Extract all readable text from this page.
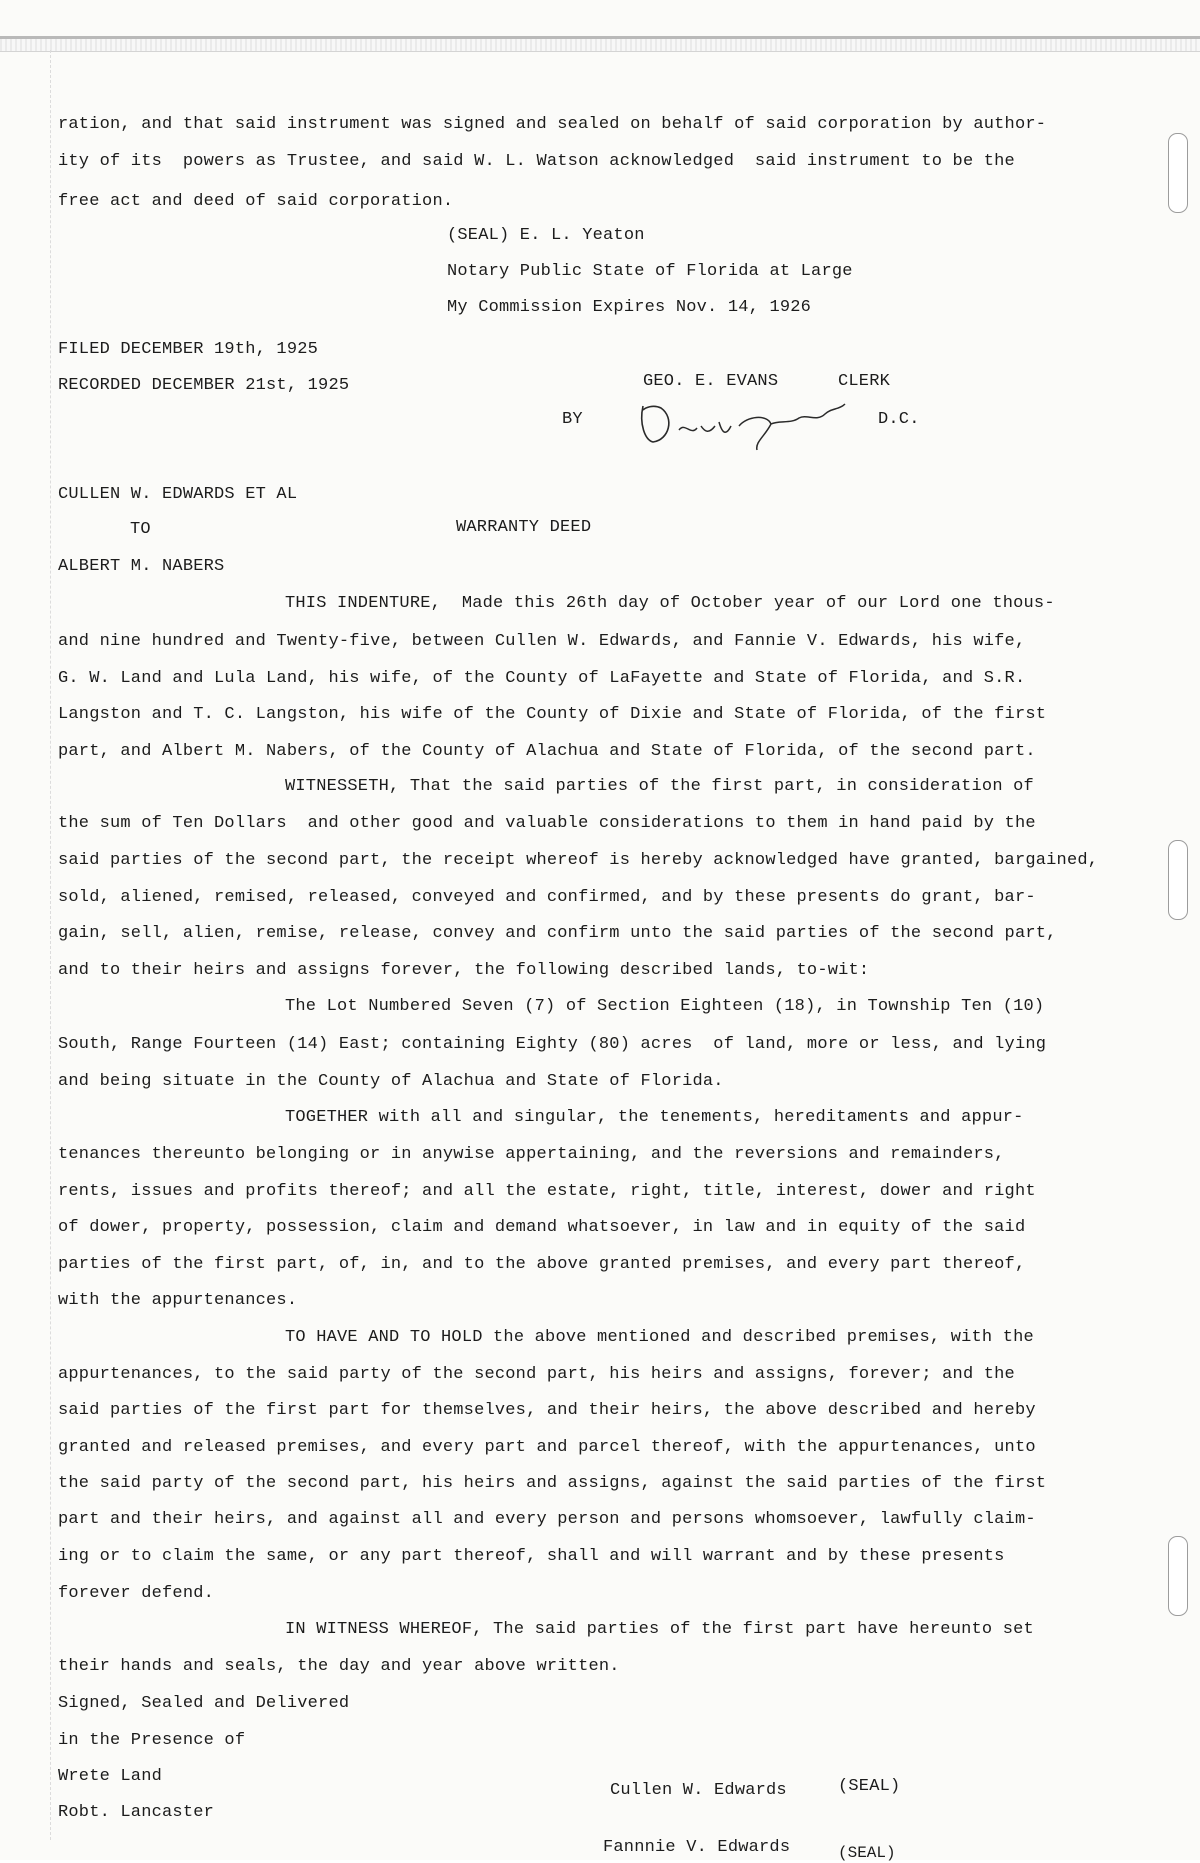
ration, and that said instrument was signed and sealed on behalf of said corporation by author-
ity of its  powers as Trustee, and said W. L. Watson acknowledged  said instrument to be the
free act and deed of said corporation.
(SEAL) E. L. Yeaton
Notary Public State of Florida at Large
My Commission Expires Nov. 14, 1926
FILED DECEMBER 19th, 1925
RECORDED DECEMBER 21st, 1925	GEO. E. EVANS	CLERK
BY	D.C.
CULLEN W. EDWARDS ET AL
TO	WARRANTY DEED
ALBERT M. NABERS
THIS INDENTURE,  Made this 26th day of October year of our Lord one thous-
and nine hundred and Twenty-five, between Cullen W. Edwards, and Fannie V. Edwards, his wife,
G. W. Land and Lula Land, his wife, of the County of LaFayette and State of Florida, and S.R.
Langston and T. C. Langston, his wife of the County of Dixie and State of Florida, of the first
part, and Albert M. Nabers, of the County of Alachua and State of Florida, of the second part.
WITNESSETH, That the said parties of the first part, in consideration of
the sum of Ten Dollars  and other good and valuable considerations to them in hand paid by the
said parties of the second part, the receipt whereof is hereby acknowledged have granted, bargained,
sold, aliened, remised, released, conveyed and confirmed, and by these presents do grant, bar-
gain, sell, alien, remise, release, convey and confirm unto the said parties of the second part,
and to their heirs and assigns forever, the following described lands, to-wit:
The Lot Numbered Seven (7) of Section Eighteen (18), in Township Ten (10)
South, Range Fourteen (14) East; containing Eighty (80) acres  of land, more or less, and lying
and being situate in the County of Alachua and State of Florida.
TOGETHER with all and singular, the tenements, hereditaments and appur-
tenances thereunto belonging or in anywise appertaining, and the reversions and remainders,
rents, issues and profits thereof; and all the estate, right, title, interest, dower and right
of dower, property, possession, claim and demand whatsoever, in law and in equity of the said
parties of the first part, of, in, and to the above granted premises, and every part thereof,
with the appurtenances.
TO HAVE AND TO HOLD the above mentioned and described premises, with the
appurtenances, to the said party of the second part, his heirs and assigns, forever; and the
said parties of the first part for themselves, and their heirs, the above described and hereby
granted and released premises, and every part and parcel thereof, with the appurtenances, unto
the said party of the second part, his heirs and assigns, against the said parties of the first
part and their heirs, and against all and every person and persons whomsoever, lawfully claim-
ing or to claim the same, or any part thereof, shall and will warrant and by these presents
forever defend.
IN WITNESS WHEREOF, The said parties of the first part have hereunto set
their hands and seals, the day and year above written.
Signed, Sealed and Delivered
in the Presence of
Wrete Land
Robt. Lancaster
Cullen W. Edwards	(SEAL)
Fannnie V. Edwards	(SEAL)
